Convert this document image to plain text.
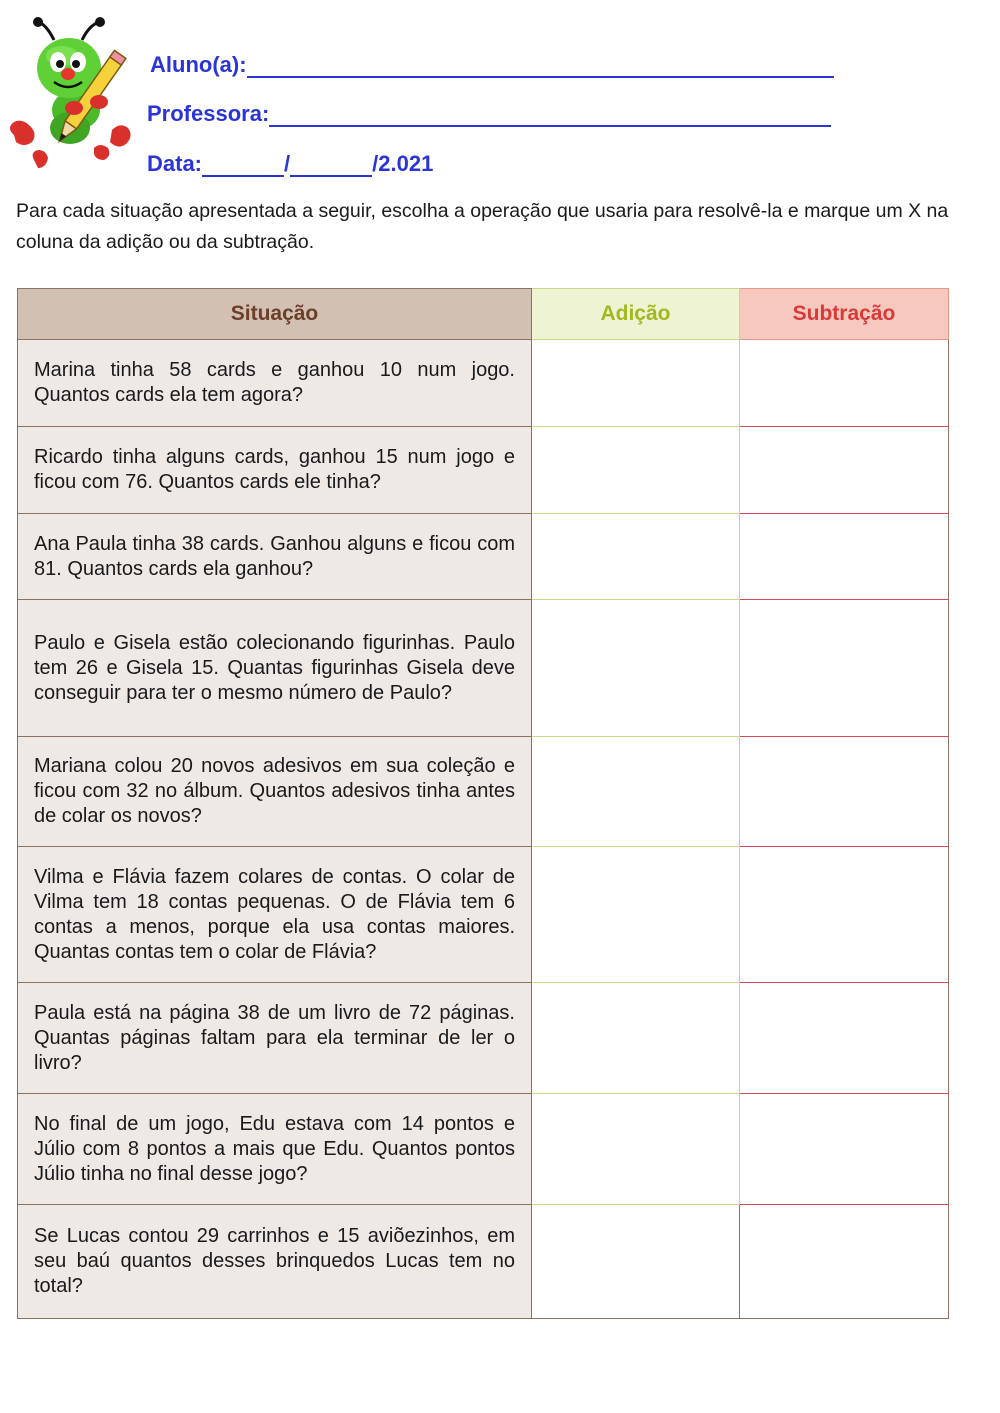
Aluno(a):
Professora:
Data:	/	/2.021
Para cada situação apresentada a seguir, escolha a operação que usaria para resolvê-la e marque um X na coluna da adição ou da subtração.
Situação	Adição	Subtração
Marina tinha 58 cards e ganhou 10 num jogo. Quantos cards ela tem agora?		
Ricardo tinha alguns cards, ganhou 15 num jogo e ficou com 76. Quantos cards ele tinha?		
Ana Paula tinha 38 cards. Ganhou alguns e ficou com 81. Quantos cards ela ganhou?		
Paulo e Gisela estão colecionando figurinhas. Paulo tem 26 e Gisela 15. Quantas figurinhas Gisela deve conseguir para ter o mesmo número de Paulo?		
Mariana colou 20 novos adesivos em sua coleção e ficou com 32 no álbum. Quantos adesivos tinha antes de colar os novos?		
Vilma e Flávia fazem colares de contas. O colar de Vilma tem 18 contas pequenas. O de Flávia tem 6 contas a menos, porque ela usa contas maiores. Quantas contas tem o colar de Flávia?		
Paula está na página 38 de um livro de 72 páginas. Quantas páginas faltam para ela terminar de ler o livro?		
No final de um jogo, Edu estava com 14 pontos e Júlio com 8 pontos a mais que Edu. Quantos pontos Júlio tinha no final desse jogo?		
Se Lucas contou 29 carrinhos e 15 aviõezinhos, em seu baú quantos desses brinquedos Lucas tem no total?		
